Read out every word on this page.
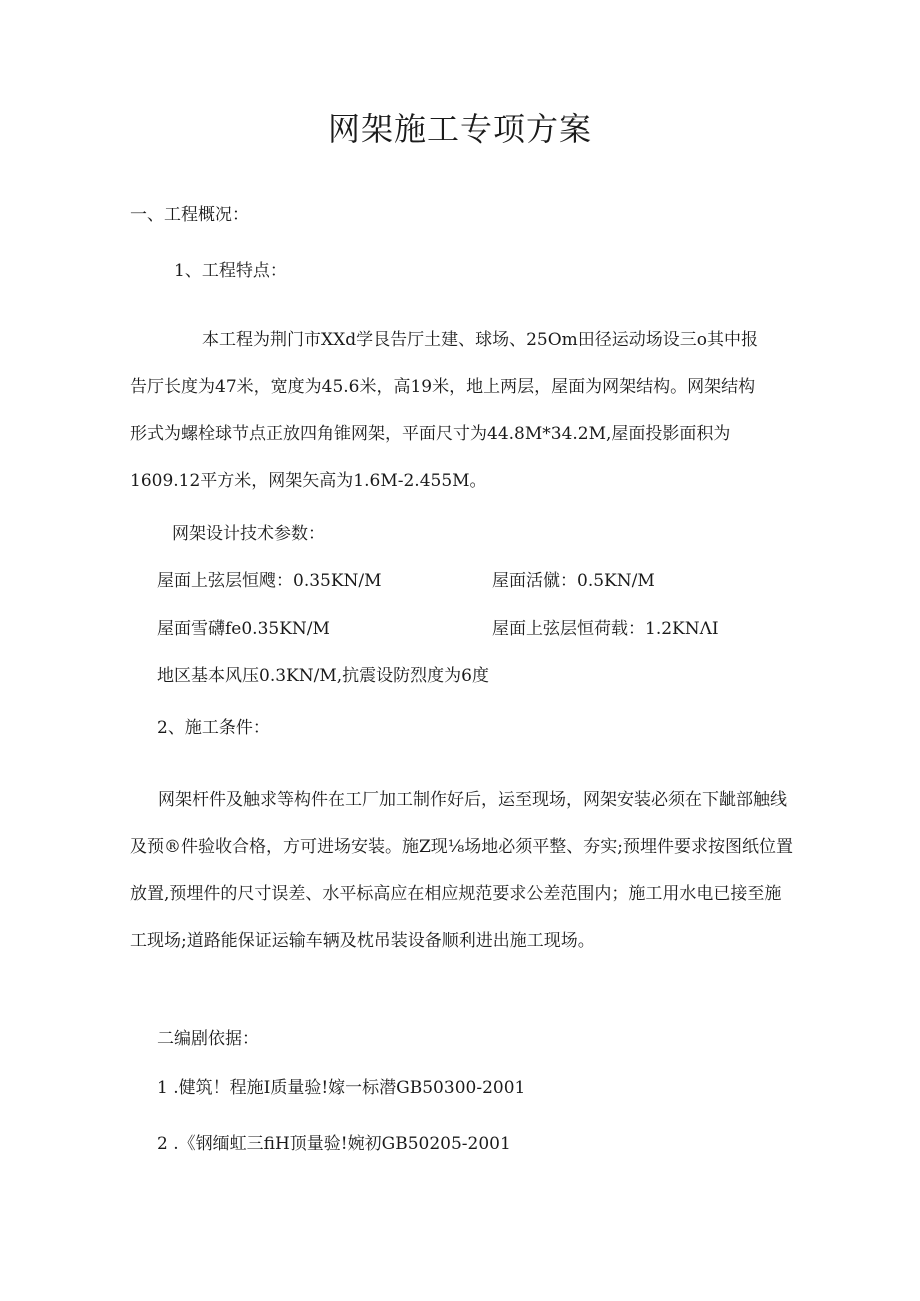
网架施工专项方案
一、工程概况：
1、工程特点：
本工程为荆门市XXd学艮告厅土建、球场、25Om田径运动场设三o其中报
告厅长度为47米，宽度为45.6米，高19米，地上两层，屋面为网架结构。网架结构
形式为螺栓球节点正放四角锥网架，平面尺寸为44.8M*34.2M,屋面投影面积为
1609.12平方米，网架矢高为1.6M-2.455M。
网架设计技术参数：
屋面上弦层恒飕：0.35KN/M	屋面活僦：0.5KN/M
屋面雪礴fe0.35KN/M	屋面上弦层恒荷载：1.2KNΛI
地区基本风压0.3KN/M,抗震设防烈度为6度
2、施工条件：
网架杆件及触求等构件在工厂加工制作好后，运至现场，网架安装必须在下龇部触线
及预®件验收合格，方可进场安装。施Z现⅛场地必须平整、夯实;预埋件要求按图纸位置
放置,预埋件的尺寸误差、水平标高应在相应规范要求公差范围内；施工用水电已接至施
工现场;道路能保证运输车辆及枕吊装设备顺利进出施工现场。
二编剧依据：
1 .健筑！程施I质量验!嫁一标潜GB50300-2001
2 .《钢缅虹三fiH顶量验!婉初GB50205-2001
